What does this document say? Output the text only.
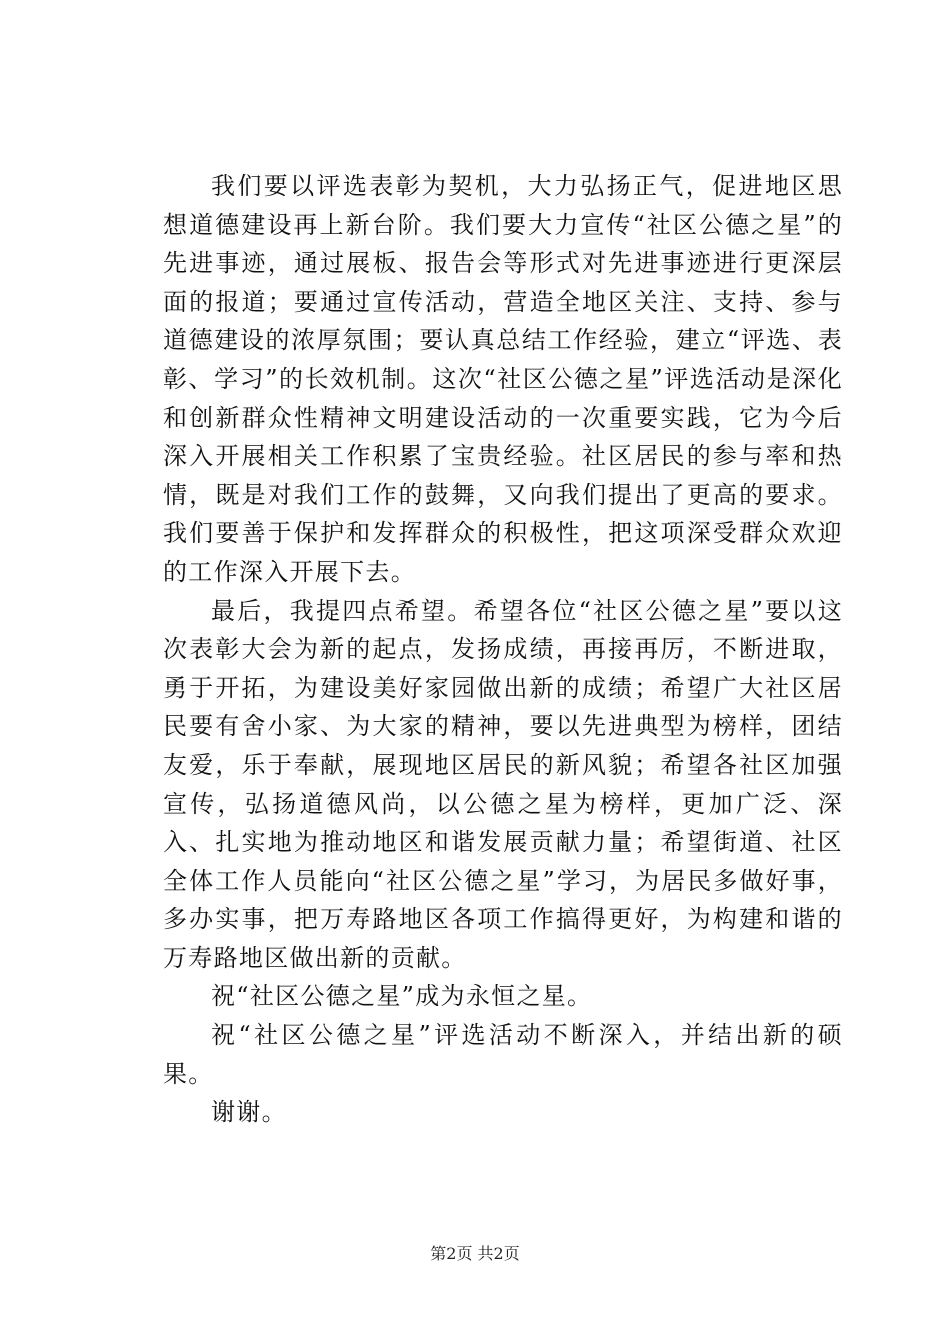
我们要以评选表彰为契机，大力弘扬正气，促进地区思想道德建设再上新台阶。我们要大力宣传“社区公德之星”的先进事迹，通过展板、报告会等形式对先进事迹进行更深层面的报道；要通过宣传活动，营造全地区关注、支持、参与道德建设的浓厚氛围；要认真总结工作经验，建立“评选、表彰、学习”的长效机制。这次“社区公德之星”评选活动是深化和创新群众性精神文明建设活动的一次重要实践，它为今后深入开展相关工作积累了宝贵经验。社区居民的参与率和热情，既是对我们工作的鼓舞，又向我们提出了更高的要求。我们要善于保护和发挥群众的积极性，把这项深受群众欢迎的工作深入开展下去。

最后，我提四点希望。希望各位“社区公德之星”要以这次表彰大会为新的起点，发扬成绩，再接再厉，不断进取，勇于开拓，为建设美好家园做出新的成绩；希望广大社区居民要有舍小家、为大家的精神，要以先进典型为榜样，团结友爱，乐于奉献，展现地区居民的新风貌；希望各社区加强宣传，弘扬道德风尚，以公德之星为榜样，更加广泛、深入、扎实地为推动地区和谐发展贡献力量；希望街道、社区全体工作人员能向“社区公德之星”学习，为居民多做好事，多办实事，把万寿路地区各项工作搞得更好，为构建和谐的万寿路地区做出新的贡献。

祝“社区公德之星”成为永恒之星。

祝“社区公德之星”评选活动不断深入，并结出新的硕果。

谢谢。

第2页 共2页
